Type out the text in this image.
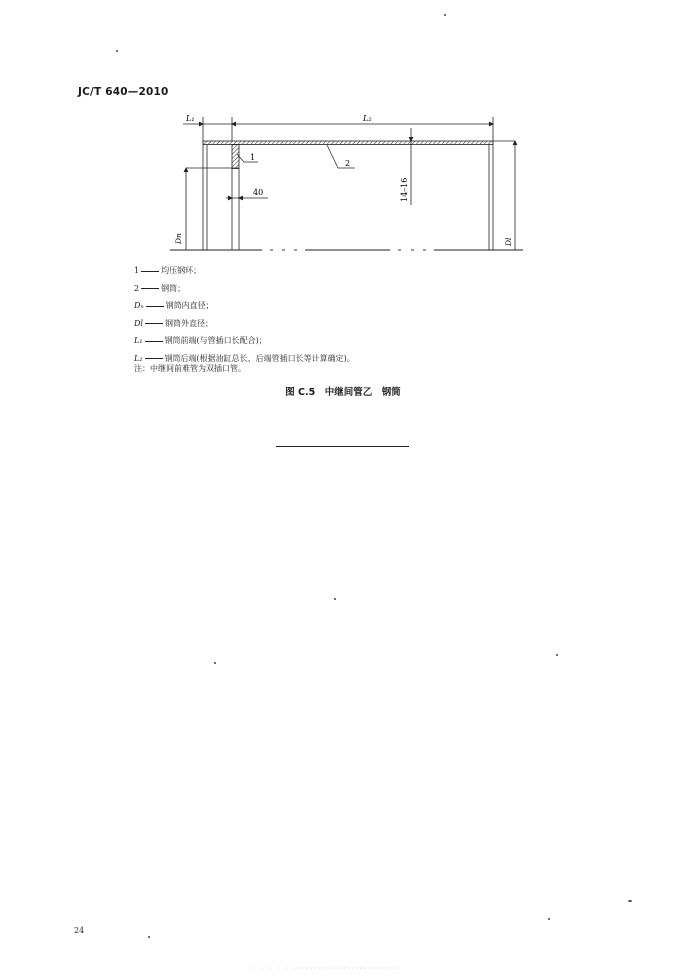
JC/T 640—2010
L₁	L₂
1
2
40	14–16
Dn	Dl
1	均压钢环；
2	钢筒；
Dₙ	钢筒内直径；
Dl	钢筒外直径；
L₁	钢筒前端(与管插口长配合)；
L₂	钢筒后端(根据油缸总长、后端管插口长等计算确定)。
注：中继间前难管为双插口管。
图 C.5　中继间管乙　钢筒
24
· · · · · ··························
